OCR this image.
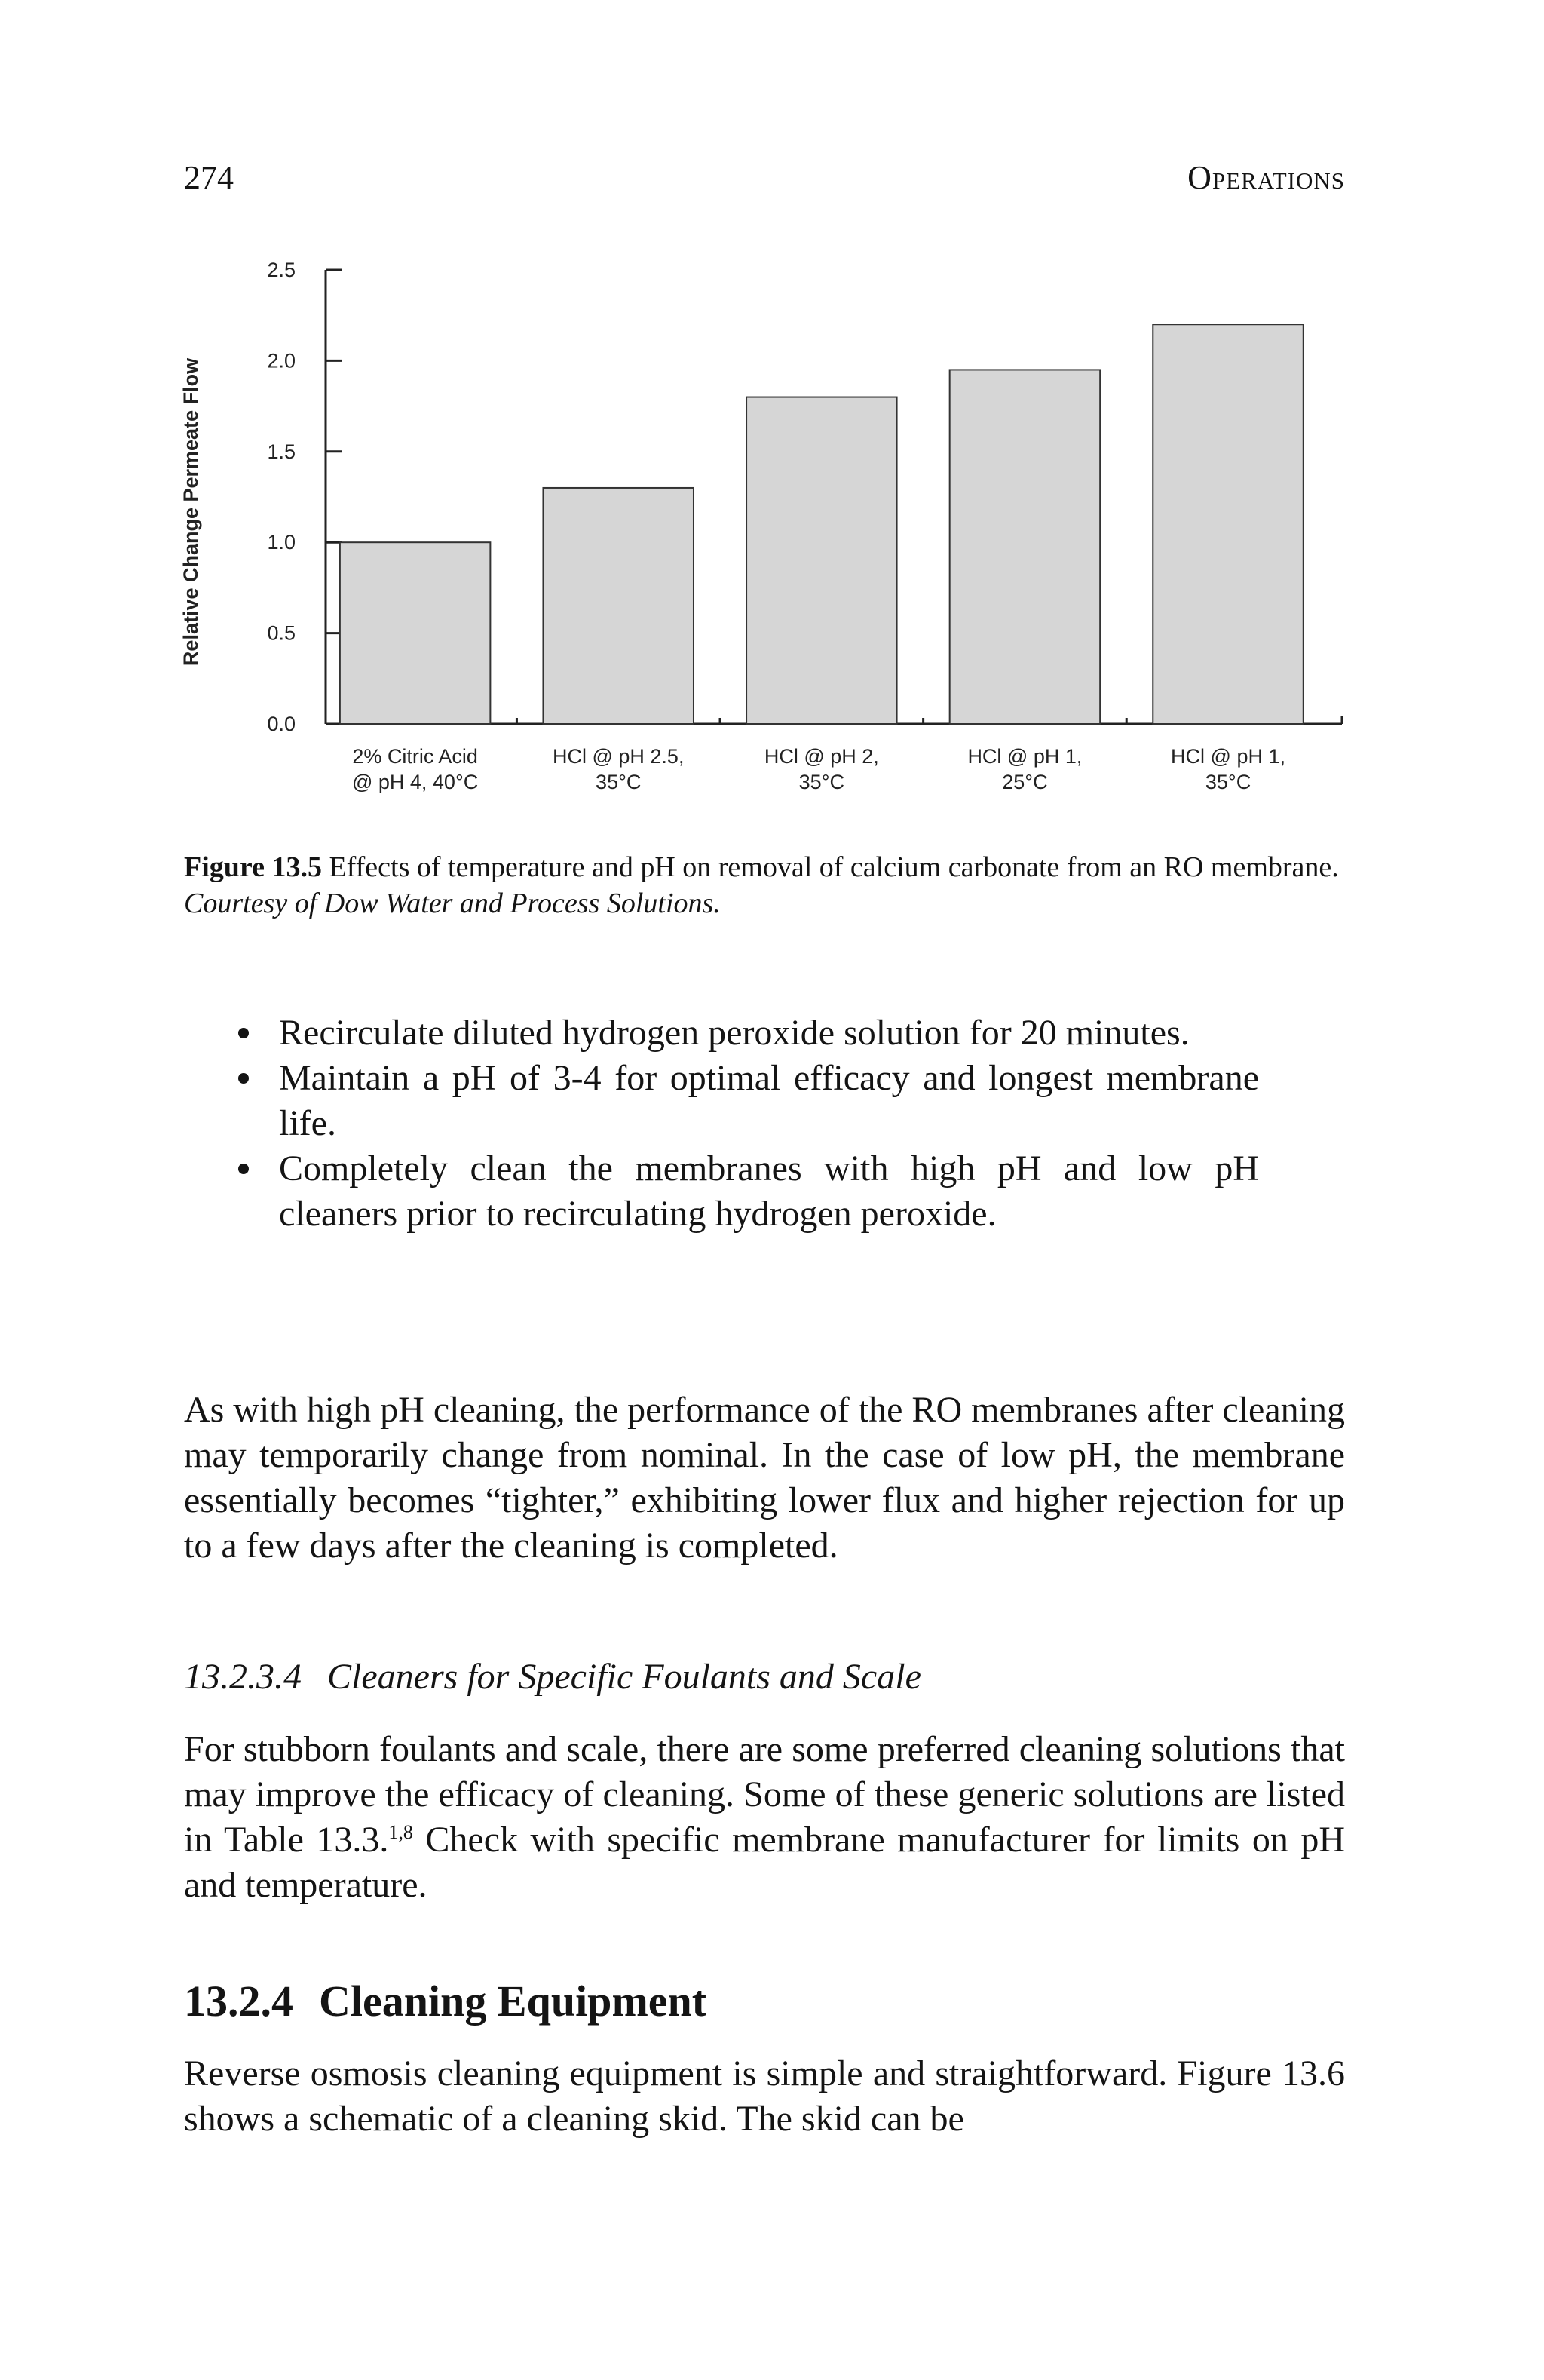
274	Operations
0.0
0.5
1.0
1.5
2.0
2.5
Relative Change Permeate Flow
2% Citric Acid
@ pH 4, 40°C
HCl @ pH 2.5,
35°C
HCl @ pH 2,
35°C
HCl @ pH 1,
25°C
HCl @ pH 1,
35°C
Figure 13.5 Effects of temperature and pH on removal of calcium carbonate from an RO membrane. Courtesy of Dow Water and Process Solutions.
Recirculate diluted hydrogen peroxide solution for 20 minutes.
Maintain a pH of 3-4 for optimal efficacy and longest membrane life.
Completely clean the membranes with high pH and low pH cleaners prior to recirculating hydrogen peroxide.

As with high pH cleaning, the performance of the RO membranes after cleaning may temporarily change from nominal. In the case of low pH, the membrane essentially becomes “tighter,” exhibiting lower flux and higher rejection for up to a few days after the cleaning is completed.

13.2.3.4 Cleaners for Specific Foulants and Scale

For stubborn foulants and scale, there are some preferred cleaning solutions that may improve the efficacy of cleaning. Some of these generic solutions are listed in Table 13.3.$^{1,8}$ Check with specific membrane manufacturer for limits on pH and temperature.

13.2.4 Cleaning Equipment

Reverse osmosis cleaning equipment is simple and straightforward. Figure 13.6 shows a schematic of a cleaning skid. The skid can be
